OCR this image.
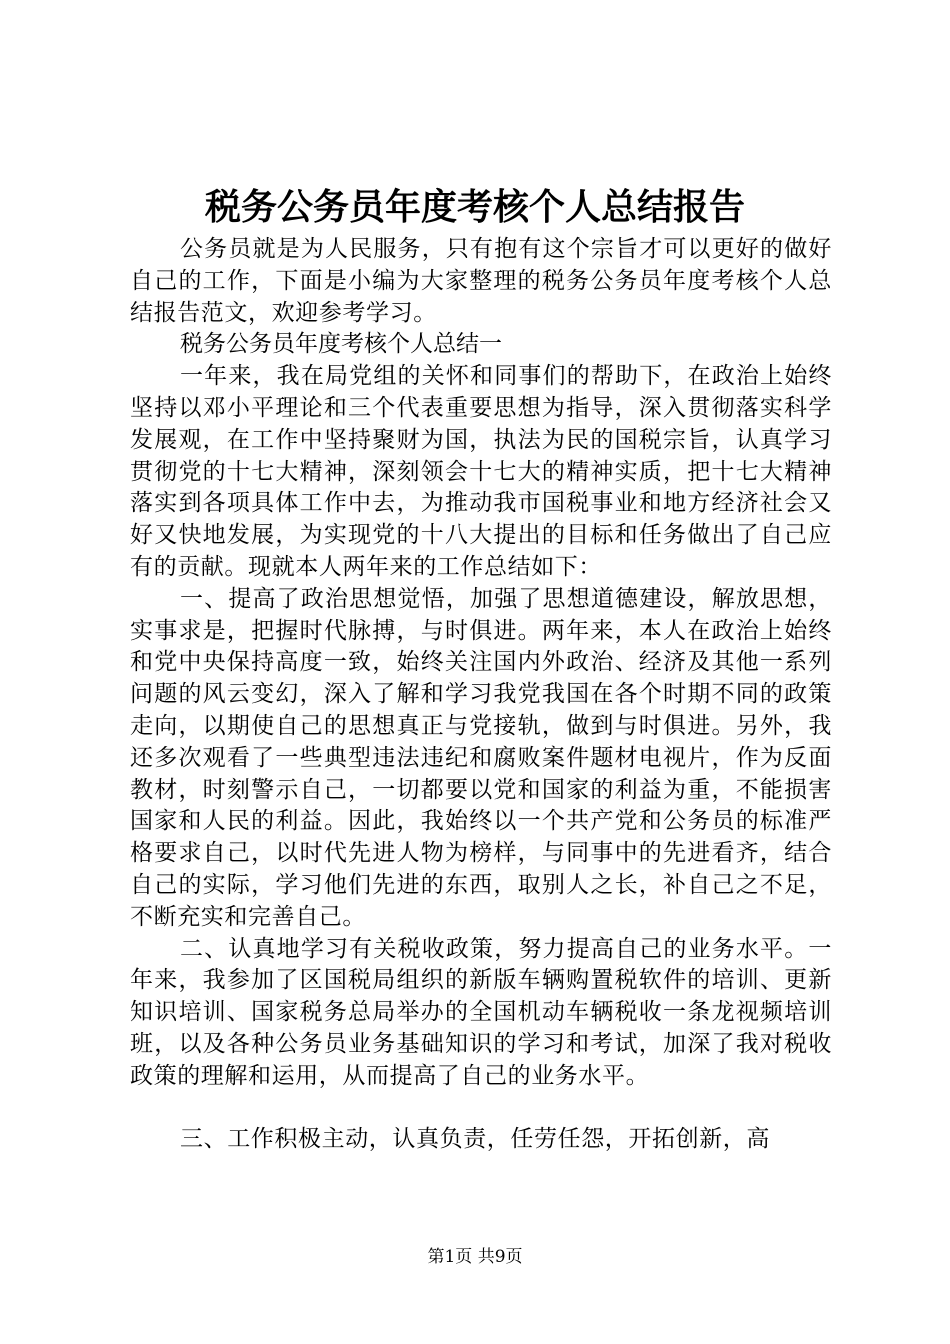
税务公务员年度考核个人总结报告

公务员就是为人民服务，只有抱有这个宗旨才可以更好的做好自己的工作，下面是小编为大家整理的税务公务员年度考核个人总结报告范文，欢迎参考学习。

税务公务员年度考核个人总结一

一年来，我在局党组的关怀和同事们的帮助下，在政治上始终坚持以邓小平理论和三个代表重要思想为指导，深入贯彻落实科学发展观，在工作中坚持聚财为国，执法为民的国税宗旨，认真学习贯彻党的十七大精神，深刻领会十七大的精神实质，把十七大精神落实到各项具体工作中去，为推动我市国税事业和地方经济社会又好又快地发展，为实现党的十八大提出的目标和任务做出了自己应有的贡献。现就本人两年来的工作总结如下：

一、提高了政治思想觉悟，加强了思想道德建设，解放思想，实事求是，把握时代脉搏，与时俱进。两年来，本人在政治上始终和党中央保持高度一致，始终关注国内外政治、经济及其他一系列问题的风云变幻，深入了解和学习我党我国在各个时期不同的政策走向，以期使自己的思想真正与党接轨，做到与时俱进。另外，我还多次观看了一些典型违法违纪和腐败案件题材电视片，作为反面教材，时刻警示自己，一切都要以党和国家的利益为重，不能损害国家和人民的利益。因此，我始终以一个共产党和公务员的标准严格要求自己，以时代先进人物为榜样，与同事中的先进看齐，结合自己的实际，学习他们先进的东西，取别人之长，补自己之不足，不断充实和完善自己。

二、认真地学习有关税收政策，努力提高自己的业务水平。一年来，我参加了区国税局组织的新版车辆购置税软件的培训、更新知识培训、国家税务总局举办的全国机动车辆税收一条龙视频培训班，以及各种公务员业务基础知识的学习和考试，加深了我对税收政策的理解和运用，从而提高了自己的业务水平。

三、工作积极主动，认真负责，任劳任怨，开拓创新，高

第1页 共9页
